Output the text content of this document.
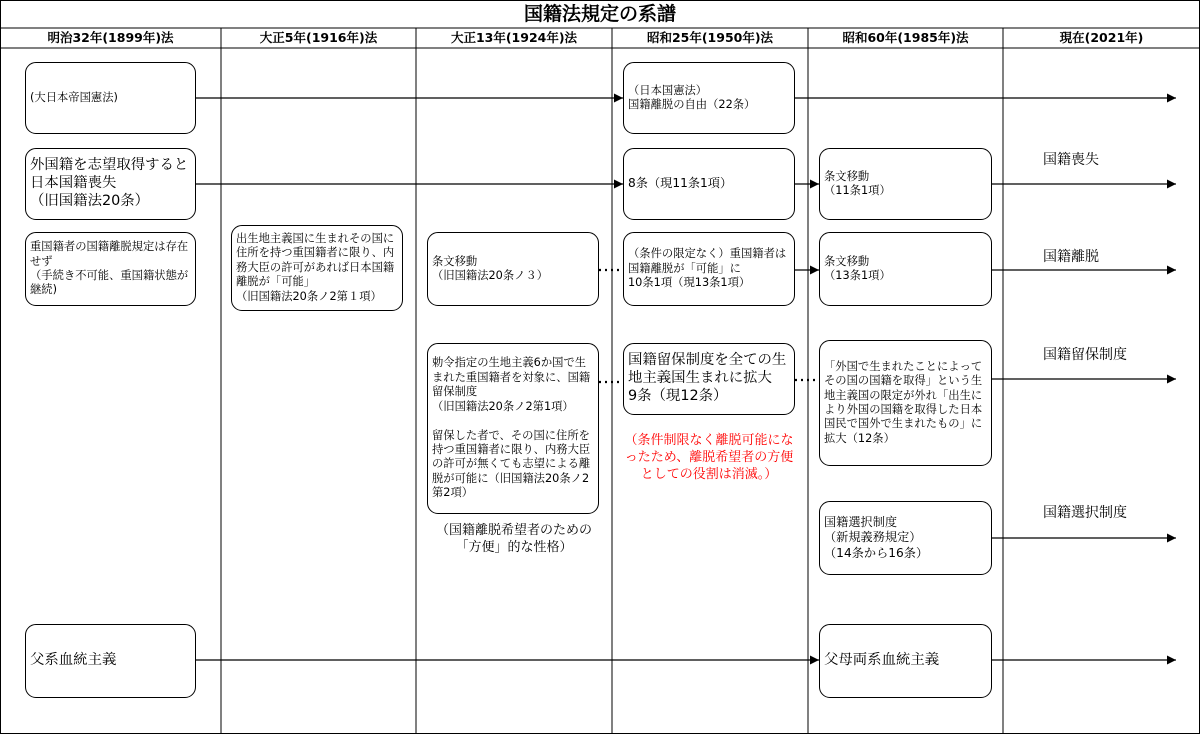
国籍法規定の系譜
明治32年(1899年)法	大正5年(1916年)法	大正13年(1924年)法	昭和25年(1950年)法	昭和60年(1985年)法	現在(2021年)
(大日本帝国憲法)
外国籍を志望取得すると
日本国籍喪失
（旧国籍法20条）
重国籍者の国籍離脱規定は存在せず
（手続き不可能、重国籍状態が継続)
父系血統主義
出生地主義国に生まれその国に住所を持つ重国籍者に限り、内務大臣の許可があれば日本国籍離脱が「可能」
（旧国籍法20条ノ2第１項）
条文移動
（旧国籍法20条ノ３）
勅令指定の生地主義6か国で生まれた重国籍者を対象に、国籍留保制度
（旧国籍法20条ノ2第1項）

留保した者で、その国に住所を持つ重国籍者に限り、内務大臣の許可が無くても志望による離脱が可能に（旧国籍法20条ノ2第2項）
（国籍離脱希望者のための
「方便」的な性格）
（日本国憲法）
国籍離脱の自由（22条）
8条（現11条1項）
（条件の限定なく）重国籍者は国籍離脱が「可能」に
10条1項（現13条1項）
国籍留保制度を全ての生地主義国生まれに拡大
9条（現12条）
（条件制限なく離脱可能になったため、離脱希望者の方便としての役割は消滅。）
条文移動
（11条1項）
条文移動
（13条1項）
「外国で生まれたことによってその国の国籍を取得」という生地主義国の限定が外れ「出生により外国の国籍を取得した日本国民で国外で生まれたもの」に拡大（12条）
国籍選択制度
（新規義務規定）
（14条から16条）
父母両系血統主義
国籍喪失
国籍離脱
国籍留保制度
国籍選択制度
